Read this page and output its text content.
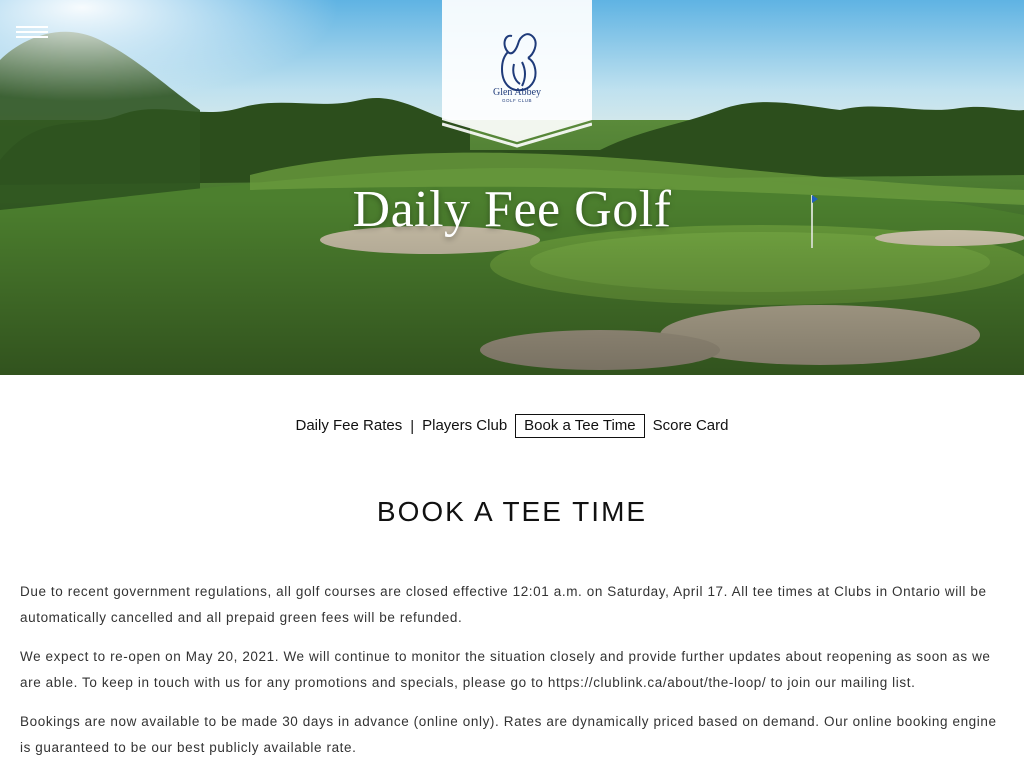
Glen Abbey
GOLF CLUB
Daily Fee Golf
Daily Fee Rates | Players Club	Book a Tee Time	Score Card
BOOK A TEE TIME

Due to recent government regulations, all golf courses are closed effective 12:01 a.m. on Saturday, April 17. All tee times at Clubs in Ontario will be automatically cancelled and all prepaid green fees will be refunded.

We expect to re-open on May 20, 2021. We will continue to monitor the situation closely and provide further updates about reopening as soon as we are able. To keep in touch with us for any promotions and specials, please go to https://clublink.ca/about/the-loop/ to join our mailing list.

Bookings are now available to be made 30 days in advance (online only). Rates are dynamically priced based on demand. Our online booking engine is guaranteed to be our best publicly available rate.
